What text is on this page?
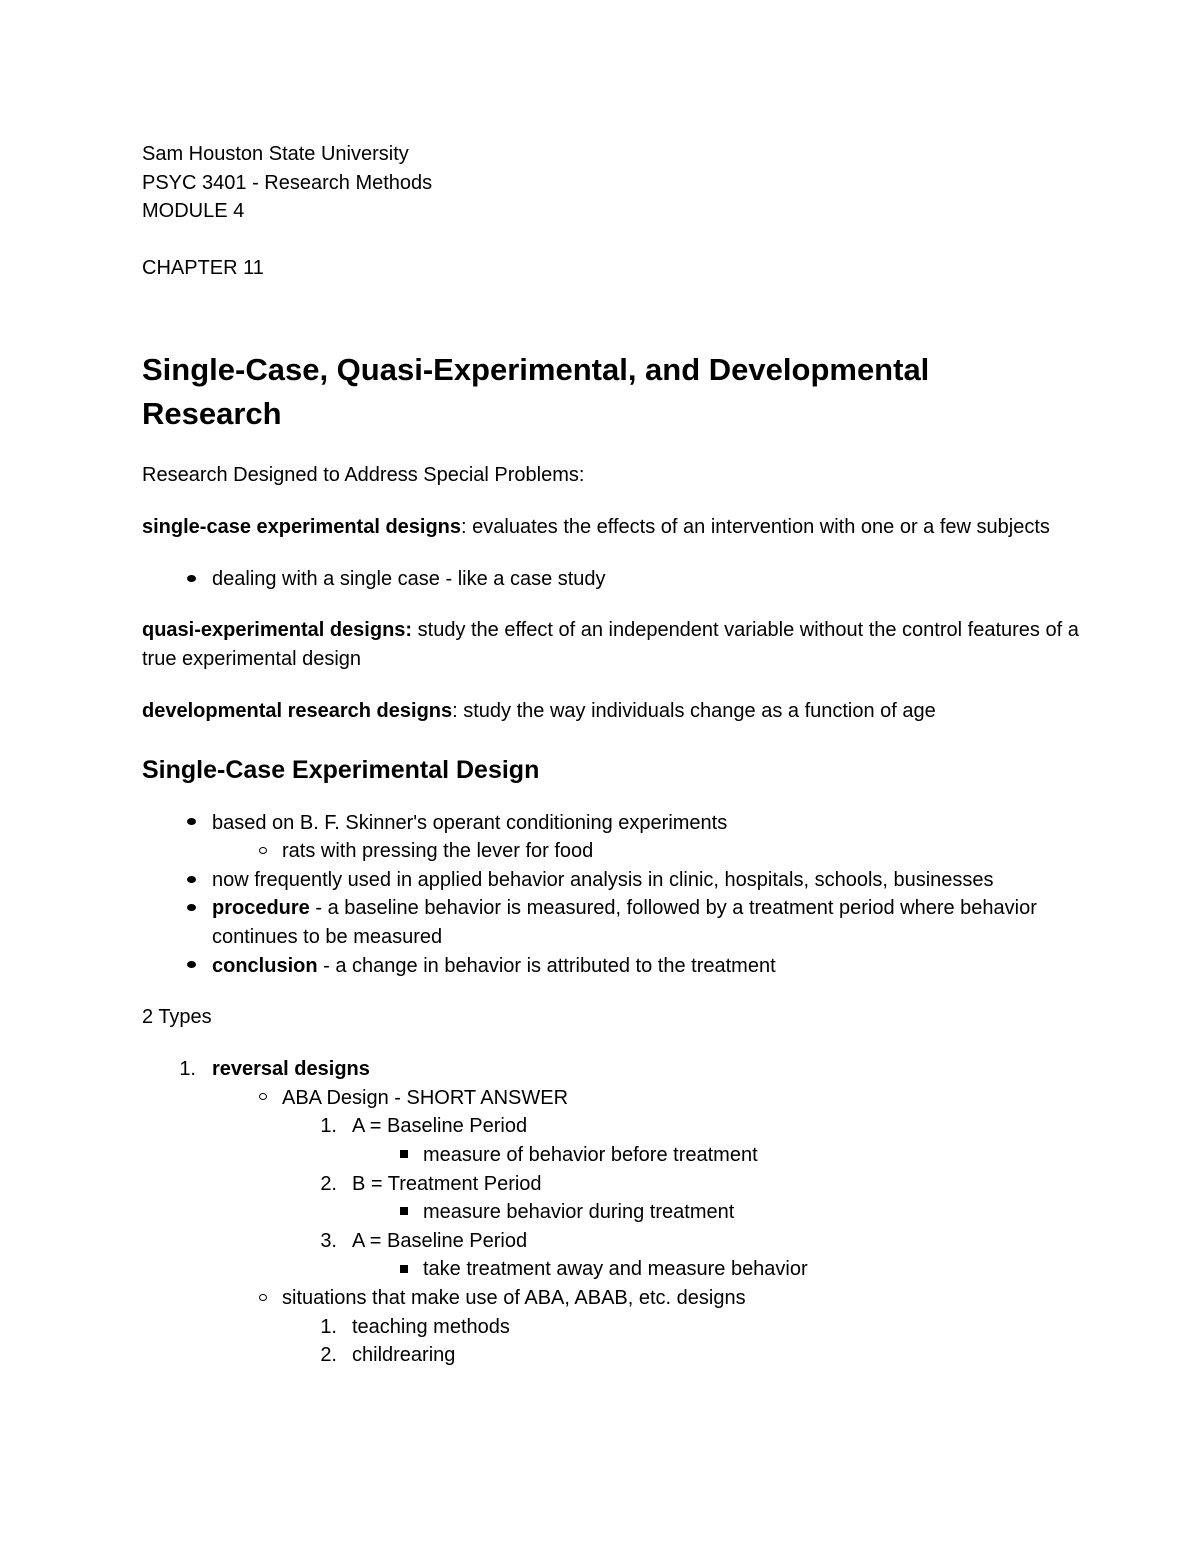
Sam Houston State University

PSYC 3401 - Research Methods

MODULE 4

CHAPTER 11

Single-Case, Quasi-Experimental, and Developmental
Research

Research Designed to Address Special Problems:

single-case experimental designs: evaluates the effects of an intervention with one or a few subjects

dealing with a single case - like a case study

quasi-experimental designs: study the effect of an independent variable without the control features of a true experimental design

developmental research designs: study the way individuals change as a function of age

Single-Case Experimental Design
based on B. F. Skinner's operant conditioning experiments
rats with pressing the lever for food
now frequently used in applied behavior analysis in clinic, hospitals, schools, businesses
procedure - a baseline behavior is measured, followed by a treatment period where behavior continues to be measured
conclusion - a change in behavior is attributed to the treatment

2 Types

1. reversal designs
ABA Design - SHORT ANSWER
1. A = Baseline Period
measure of behavior before treatment
2. B = Treatment Period
measure behavior during treatment
3. A = Baseline Period
take treatment away and measure behavior
situations that make use of ABA, ABAB, etc. designs
1. teaching methods
2. childrearing
